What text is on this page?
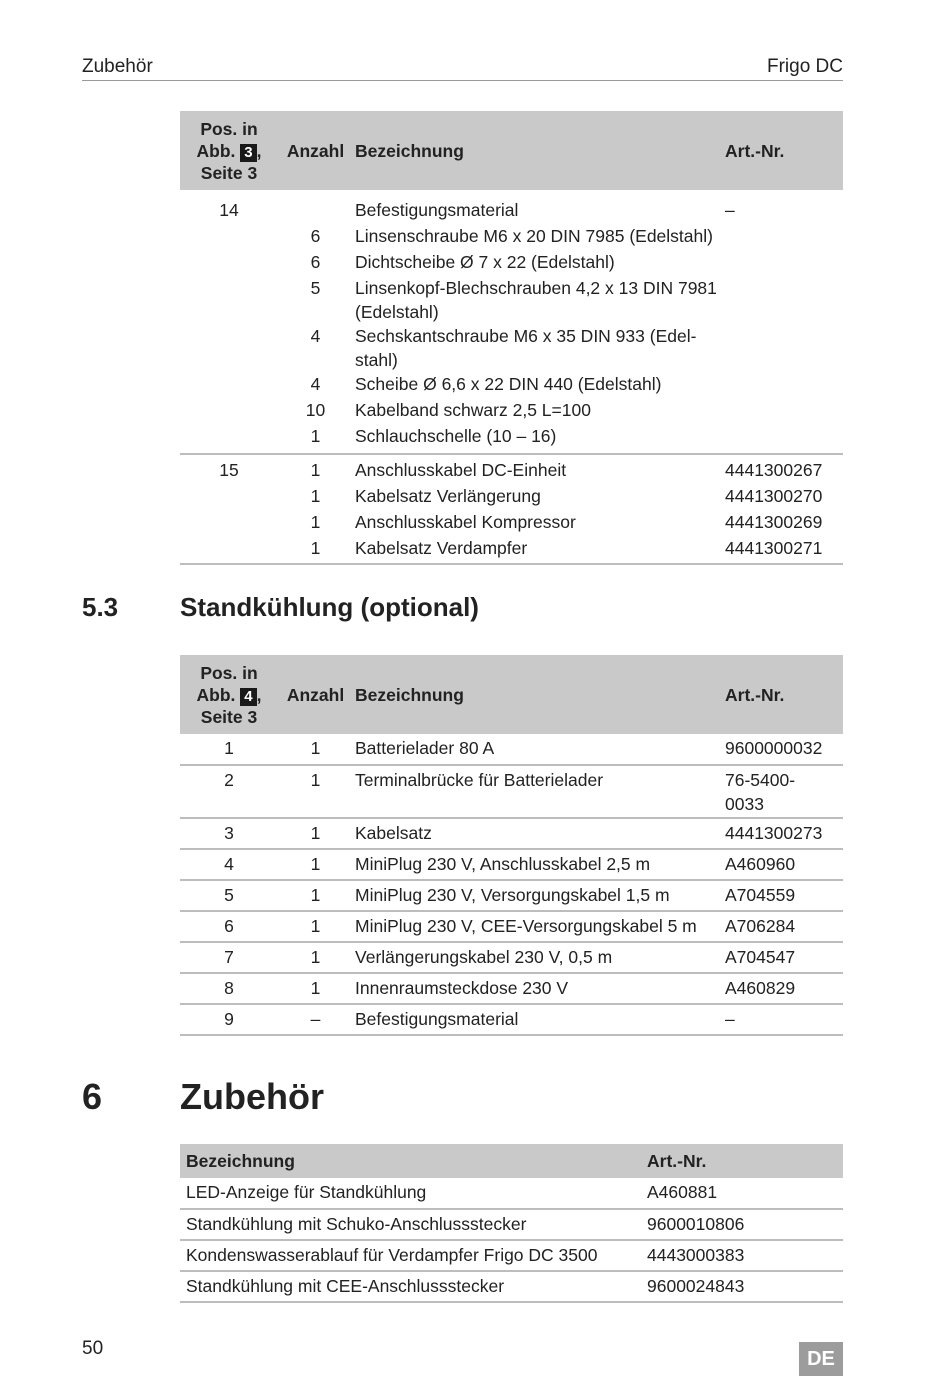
Zubehör	Frigo DC
Pos. in
Abb. 3 ,
Seite 3	Anzahl	Bezeichnung	Art.-Nr.

14		Befestigungsmaterial	–
	6	Linsenschraube M6 x 20 DIN 7985 (Edelstahl)	
	6	Dichtscheibe Ø 7 x 22 (Edelstahl)	
	5	Linsenkopf-Blechschrauben 4,2 x 13 DIN 7981 (Edelstahl)	
	4	Sechskantschraube M6 x 35 DIN 933 (Edel- stahl)	
	4	Scheibe Ø 6,6 x 22 DIN 440 (Edelstahl)	
	10	Kabelband schwarz 2,5 L=100	
	1	Schlauchschelle (10 – 16)	

15	1	Anschlusskabel DC-Einheit	4441300267
	1	Kabelsatz Verlängerung	4441300270
	1	Anschlusskabel Kompressor	4441300269
	1	Kabelsatz Verdampfer	4441300271
5.3 Standkühlung (optional)
Pos. in
Abb. 4 ,
Seite 3	Anzahl	Bezeichnung	Art.-Nr.
1	1	Batterielader 80 A	9600000032
2	1	Terminalbrücke für Batterielader	76-5400- 0033
3	1	Kabelsatz	4441300273
4	1	MiniPlug 230 V, Anschlusskabel 2,5 m	A460960
5	1	MiniPlug 230 V, Versorgungskabel 1,5 m	A704559
6	1	MiniPlug 230 V, CEE-Versorgungskabel 5 m	A706284
7	1	Verlängerungskabel 230 V, 0,5 m	A704547
8	1	Innenraumsteckdose 230 V	A460829
9	–	Befestigungsmaterial	–
6 Zubehör
Bezeichnung	Art.-Nr.
LED-Anzeige für Standkühlung	A460881
Standkühlung mit Schuko-Anschlussstecker	9600010806
Kondenswasserablauf für Verdampfer Frigo DC 3500	4443000383
Standkühlung mit CEE-Anschlussstecker	9600024843
50	DE
